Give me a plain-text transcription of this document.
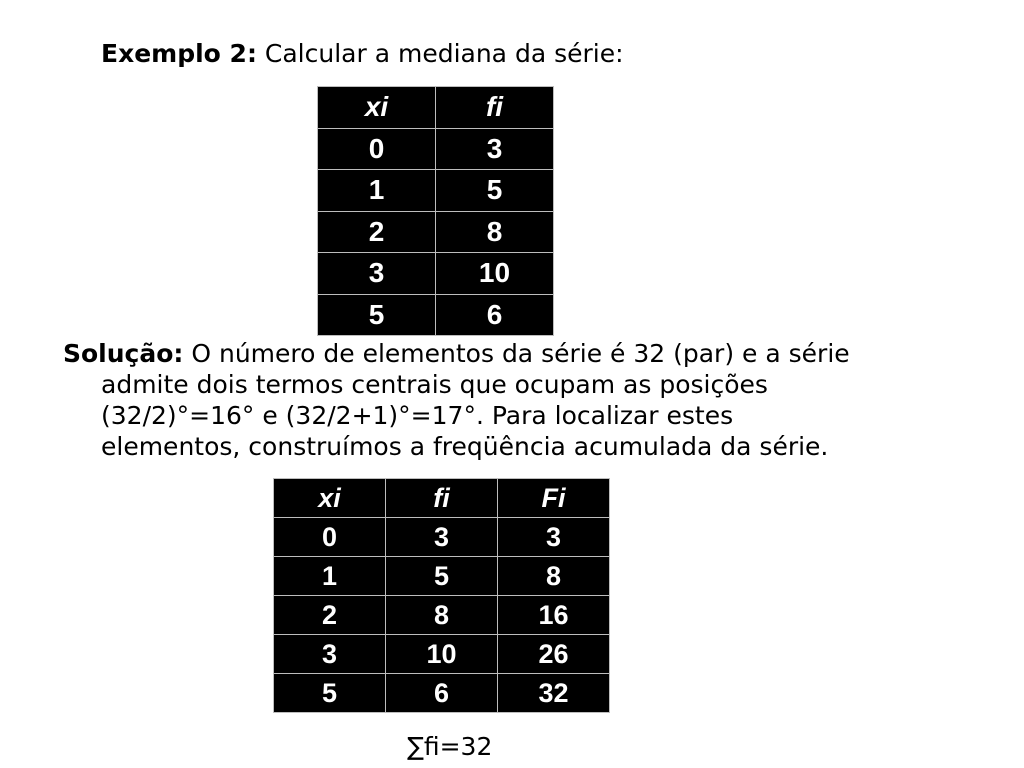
Exemplo 2: Calcular a mediana da série:
xi	fi
0	3
1	5
2	8
3	10
5	6
Solução: O número de elementos da série é 32 (par) e a série
admite dois termos centrais que ocupam as posições
(32/2)°=16° e (32/2+1)°=17°. Para localizar estes
elementos, construímos a freqüência acumulada da série.
xi	fi	Fi
0	3	3
1	5	8
2	8	16
3	10	26
5	6	32
∑fi=32
